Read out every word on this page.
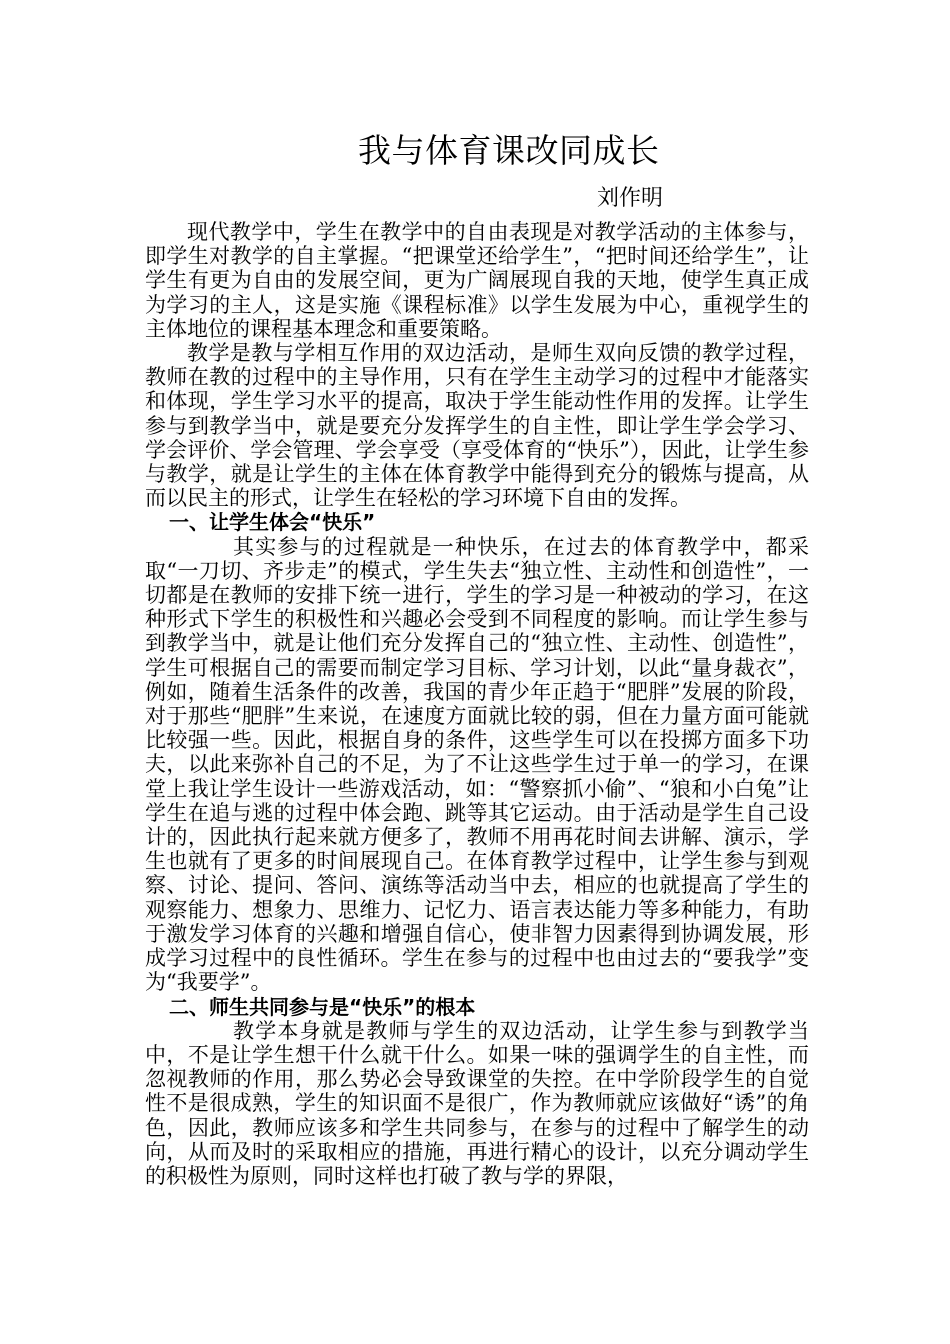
我与体育课改同成长
刘作明

现代教学中，学生在教学中的自由表现是对教学活动的主体参与，即学生对教学的自主掌握。“把课堂还给学生”，“把时间还给学生”，让学生有更为自由的发展空间，更为广阔展现自我的天地，使学生真正成为学习的主人，这是实施《课程标准》以学生发展为中心，重视学生的主体地位的课程基本理念和重要策略。

教学是教与学相互作用的双边活动，是师生双向反馈的教学过程，教师在教的过程中的主导作用，只有在学生主动学习的过程中才能落实和体现，学生学习水平的提高，取决于学生能动性作用的发挥。让学生参与到教学当中，就是要充分发挥学生的自主性，即让学生学会学习、学会评价、学会管理、学会享受（享受体育的“快乐”），因此，让学生参与教学，就是让学生的主体在体育教学中能得到充分的锻炼与提高，从而以民主的形式，让学生在轻松的学习环境下自由的发挥。

一、让学生体会“快乐”

其实参与的过程就是一种快乐，在过去的体育教学中，都采取“一刀切、齐步走”的模式，学生失去“独立性、主动性和创造性”，一切都是在教师的安排下统一进行，学生的学习是一种被动的学习，在这种形式下学生的积极性和兴趣必会受到不同程度的影响。而让学生参与到教学当中，就是让他们充分发挥自己的“独立性、主动性、创造性”，学生可根据自己的需要而制定学习目标、学习计划，以此“量身裁衣”，例如，随着生活条件的改善，我国的青少年正趋于“肥胖”发展的阶段，对于那些“肥胖”生来说，在速度方面就比较的弱，但在力量方面可能就比较强一些。因此，根据自身的条件，这些学生可以在投掷方面多下功夫，以此来弥补自己的不足，为了不让这些学生过于单一的学习，在课堂上我让学生设计一些游戏活动，如：“警察抓小偷”、“狼和小白兔”让学生在追与逃的过程中体会跑、跳等其它运动。由于活动是学生自己设计的，因此执行起来就方便多了，教师不用再花时间去讲解、演示，学生也就有了更多的时间展现自己。在体育教学过程中，让学生参与到观察、讨论、提问、答问、演练等活动当中去，相应的也就提高了学生的观察能力、想象力、思维力、记忆力、语言表达能力等多种能力，有助于激发学习体育的兴趣和增强自信心，使非智力因素得到协调发展，形成学习过程中的良性循环。学生在参与的过程中也由过去的“要我学”变为“我要学”。

二、师生共同参与是“快乐”的根本

教学本身就是教师与学生的双边活动，让学生参与到教学当中，不是让学生想干什么就干什么。如果一味的强调学生的自主性，而忽视教师的作用，那么势必会导致课堂的失控。在中学阶段学生的自觉性不是很成熟，学生的知识面不是很广，作为教师就应该做好“诱”的角色，因此，教师应该多和学生共同参与，在参与的过程中了解学生的动向，从而及时的采取相应的措施，再进行精心的设计，以充分调动学生的积极性为原则，同时这样也打破了教与学的界限，
